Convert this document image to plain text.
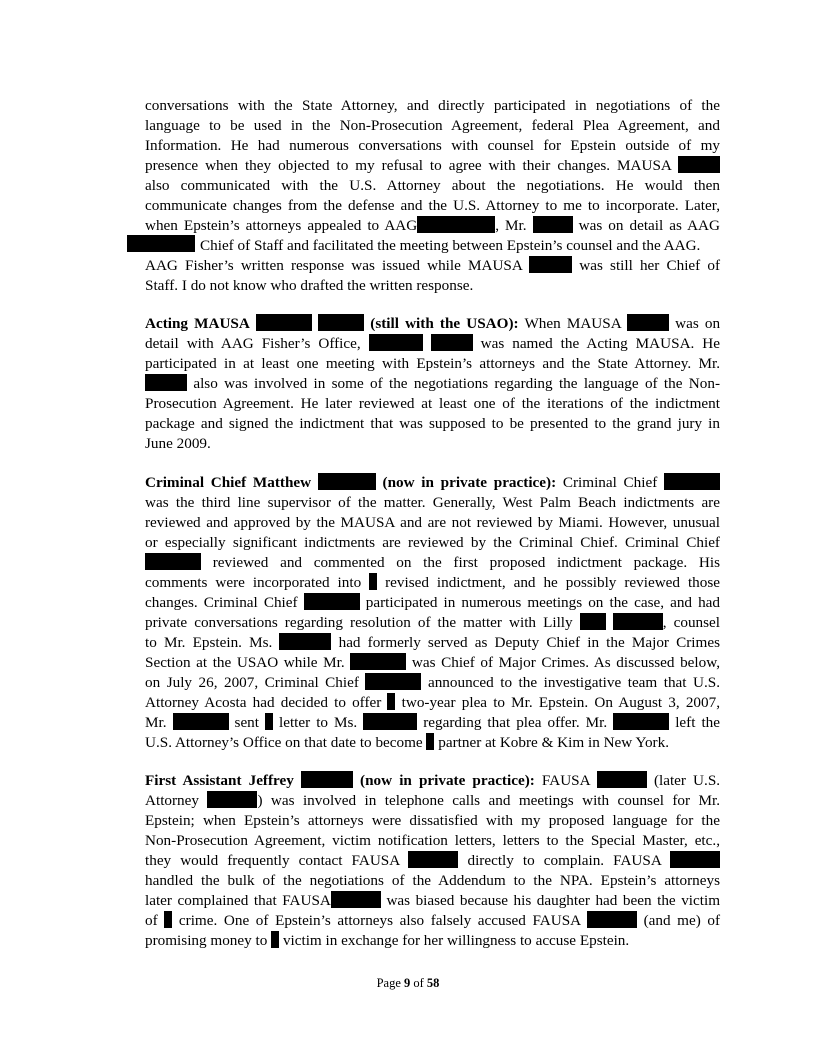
conversations with the State Attorney, and directly participated in negotiations of the
language to be used in the Non-Prosecution Agreement, federal Plea Agreement, and
Information. He had numerous conversations with counsel for Epstein outside of my
presence when they objected to my refusal to agree with their changes. MAUSA
also communicated with the U.S. Attorney about the negotiations. He would then
communicate changes from the defense and the U.S. Attorney to me to incorporate. Later,
when Epstein’s attorneys appealed to AAG	, Mr.	was on detail as AAG
Chief of Staff and facilitated the meeting between Epstein’s counsel and the AAG.
AAG Fisher’s written response was issued while MAUSA	was still her Chief of
Staff. I do not know who drafted the written response.
Acting MAUSA	(still with the USAO): When MAUSA	was on
detail with AAG Fisher’s Office,	was named the Acting MAUSA. He
participated in at least one meeting with Epstein’s attorneys and the State Attorney. Mr.
also was involved in some of the negotiations regarding the language of the Non-
Prosecution Agreement. He later reviewed at least one of the iterations of the indictment
package and signed the indictment that was supposed to be presented to the grand jury in
June 2009.
Criminal Chief Matthew	(now in private practice): Criminal Chief
was the third line supervisor of the matter. Generally, West Palm Beach indictments are
reviewed and approved by the MAUSA and are not reviewed by Miami. However, unusual
or especially significant indictments are reviewed by the Criminal Chief. Criminal Chief
reviewed and commented on the first proposed indictment package. His
comments were incorporated into revised indictment, and he possibly reviewed those
changes. Criminal Chief	participated in numerous meetings on the case, and had
private conversations regarding resolution of the matter with Lilly	, counsel
to Mr. Epstein. Ms.	had formerly served as Deputy Chief in the Major Crimes
Section at the USAO while Mr.	was Chief of Major Crimes. As discussed below,
on July 26, 2007, Criminal Chief	announced to the investigative team that U.S.
Attorney Acosta had decided to offer two-year plea to Mr. Epstein. On August 3, 2007,
Mr.	sent letter to Ms.	regarding that plea offer. Mr.	left the
U.S. Attorney’s Office on that date to become partner at Kobre & Kim in New York.
First Assistant Jeffrey	(now in private practice): FAUSA	(later U.S.
Attorney	) was involved in telephone calls and meetings with counsel for Mr.
Epstein; when Epstein’s attorneys were dissatisfied with my proposed language for the
Non-Prosecution Agreement, victim notification letters, letters to the Special Master, etc.,
they would frequently contact FAUSA	directly to complain. FAUSA
handled the bulk of the negotiations of the Addendum to the NPA. Epstein’s attorneys
later complained that FAUSA	was biased because his daughter had been the victim
of crime. One of Epstein’s attorneys also falsely accused FAUSA	(and me) of
promising money to victim in exchange for her willingness to accuse Epstein.
Page 9 of 58
